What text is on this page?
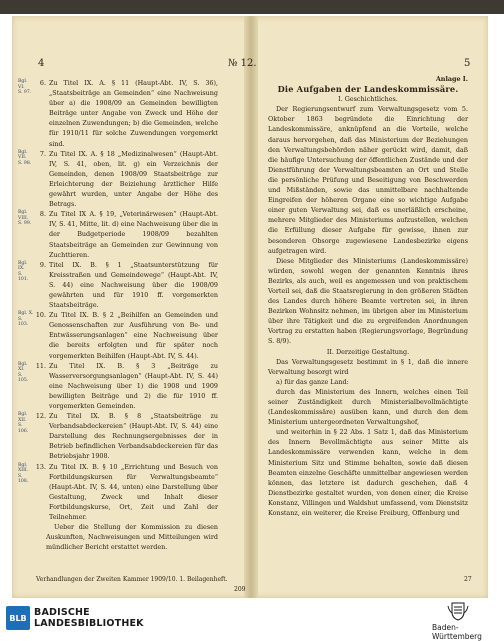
4	№ 12.	5
Bgl. VI.
S. 97.
6. Zu Titel IX. A. § 11 (Haupt-Abt. IV, S. 36), „Staatsbeiträge an Gemeinden“ eine Nachweisung über a) die 1908/09 an Gemeinden bewilligten Beiträge unter Angabe von Zweck und Höhe der einzelnen Zuwendungen; b) die Gemeinden, welche für 1910/11 für solche Zuwendungen vorgemerkt sind.
Bgl. VII.
S. 98.
7. Zu Titel IX. A. § 18 „Medizinalwesen“ (Haupt-Abt. IV, S. 41, oben, lit. g) ein Verzeichnis der Gemeinden, denen 1908/09 Staatsbeiträge zur Erleichterung der Beiziehung ärztlicher Hilfe gewährt wurden, unter Angabe der Höhe des Betrags.
Bgl. VIII.
S. 99.
8. Zu Titel IX A. § 19, „Veterinärwesen“ (Haupt-Abt. IV, S. 41, Mitte, lit. d) eine Nachweisung über die in der Budgetperiode 1908/09 bezahlten Staatsbeiträge an Gemeinden zur Gewinnung von Zuchttieren.
Bgl. IX.
S. 101.
9. Titel IX. B. § 1 „Staatsunterstützung für Kreisstraßen und Gemeindewege“ (Haupt-Abt. IV, S. 44) eine Nachweisung über die 1908/09 gewährten und für 1910 ff. vorgemerkten Staatsbeiträge.
Bgl. X.
S. 103.
10. Zu Titel IX. B. § 2 „Beihilfen an Gemeinden und Genossenschaften zur Ausführung von Be- und Entwässerungsanlagen“ eine Nachweisung über die bereits erfolgten und für später noch vorgemerkten Beihilfen (Haupt-Abt. IV, S. 44).
Bgl. XI.
S. 105.
11. Zu Titel IX. B. § 3 „Beiträge zu Wasserversorgungsanlagen“ (Haupt-Abt. IV, S. 44) eine Nachweisung über 1) die 1908 und 1909 bewilligten Beiträge und 2) die für 1910 ff. vorgemerkten Gemeinden.
Bgl. XII.
S. 106.
12. Zu Titel IX. B. § 8 „Staatsbeiträge zu Verbandsabdeckereien“ (Haupt-Abt. IV, S. 44) eine Darstellung des Rechnungsergebnisses der in Betrieb befindlichen Verbandsabdeckereien für das Betriebsjahr 1908.
Bgl. XIII.
S. 108.
13. Zu Titel IX. B. § 10 „Errichtung und Besuch von Fortbildungskursen für Verwaltungsbeamte“ (Haupt-Abt. IV, S. 44, unten) eine Darstellung über Gestaltung, Zweck und Inhalt dieser Fortbildungskurse, Ort, Zeit und Zahl der Teilnehmer.

Ueber die Stellung der Kommission zu diesen Auskunften, Nachweisungen und Mitteilungen wird mündlicher Bericht erstattet werden.

Anlage I.

Die Aufgaben der Landeskommissäre.

I. Geschichtliches.

Der Regierungsentwurf zum Verwaltungsgesetz vom 5. Oktober 1863 begründete die Einrichtung der Landeskommissäre, anknüpfend an die Vorteile, welche daraus hervorgehen, daß das Ministerium der Beziehungen den Verwaltungsbehörden näher gerückt wird, damit, daß die häufige Untersuchung der öffentlichen Zustände und der Dienstführung der Verwaltungsbeamten an Ort und Stelle die persönliche Prüfung und Beseitigung von Beschwerden und Mißständen, sowie das unmittelbare nachhaltende Eingreifen der höheren Organe eine so wichtige Aufgabe einer guten Verwaltung sei, daß es unerläßlich erscheine, mehrere Mitglieder des Ministeriums aufzustellen, welchen die Erfüllung dieser Aufgabe für gewisse, ihnen zur besonderen Obsorge zugewiesene Landesbezirke eigens aufgetragen wird.

Diese Mitglieder des Ministeriums (Landeskommissäre) würden, sowohl wegen der genannten Kenntnis ihres Bezirks, als auch, weil es angemessen und von praktischem Vorteil sei, daß die Staatsregierung in den größeren Städten des Landes durch höhere Beamte vertreten sei, in ihren Bezirken Wohnsitz nehmen, im übrigen aber im Ministerium über ihre Tätigkeit und die zu ergreifenden Anordnungen Vortrag zu erstatten haben (Regierungsvorlage, Begründung S. 8/9).

II. Derzeitige Gestaltung.

Das Verwaltungsgesetz bestimmt in § 1, daß die innere Verwaltung besorgt wird

a) für das ganze Land:

durch das Ministerium des Innern, welches einen Teil seiner Zuständigkeit durch Ministerialbevollmächtigte (Landeskommissäre) ausüben kann, und durch den dem Ministerium untergeordneten Verwaltungshof,

und weiterhin in § 22 Abs. 1 Satz 1, daß das Ministerium des Innern Bevollmächtigte aus seiner Mitte als Landeskommissäre verwenden kann, welche in dem Ministerium Sitz und Stimme behalten, sowie daß diesen Beamten einzelne Geschäfte unmittelbar angewiesen werden können, das letztere ist dadurch geschehen, daß 4 Dienstbezirke gestaltet wurden, von denen einer, die Kreise Konstanz, Villingen und Waldshut umfassend, vom Dienstsitz Konstanz, ein weiterer, die Kreise Freiburg, Offenburg und

Verhandlungen der Zweiten Kammer 1909/10. 1. Beilagenheft.
209
27
BLB BADISCHE
LANDESBIBLIOTHEK	Baden-Württemberg
